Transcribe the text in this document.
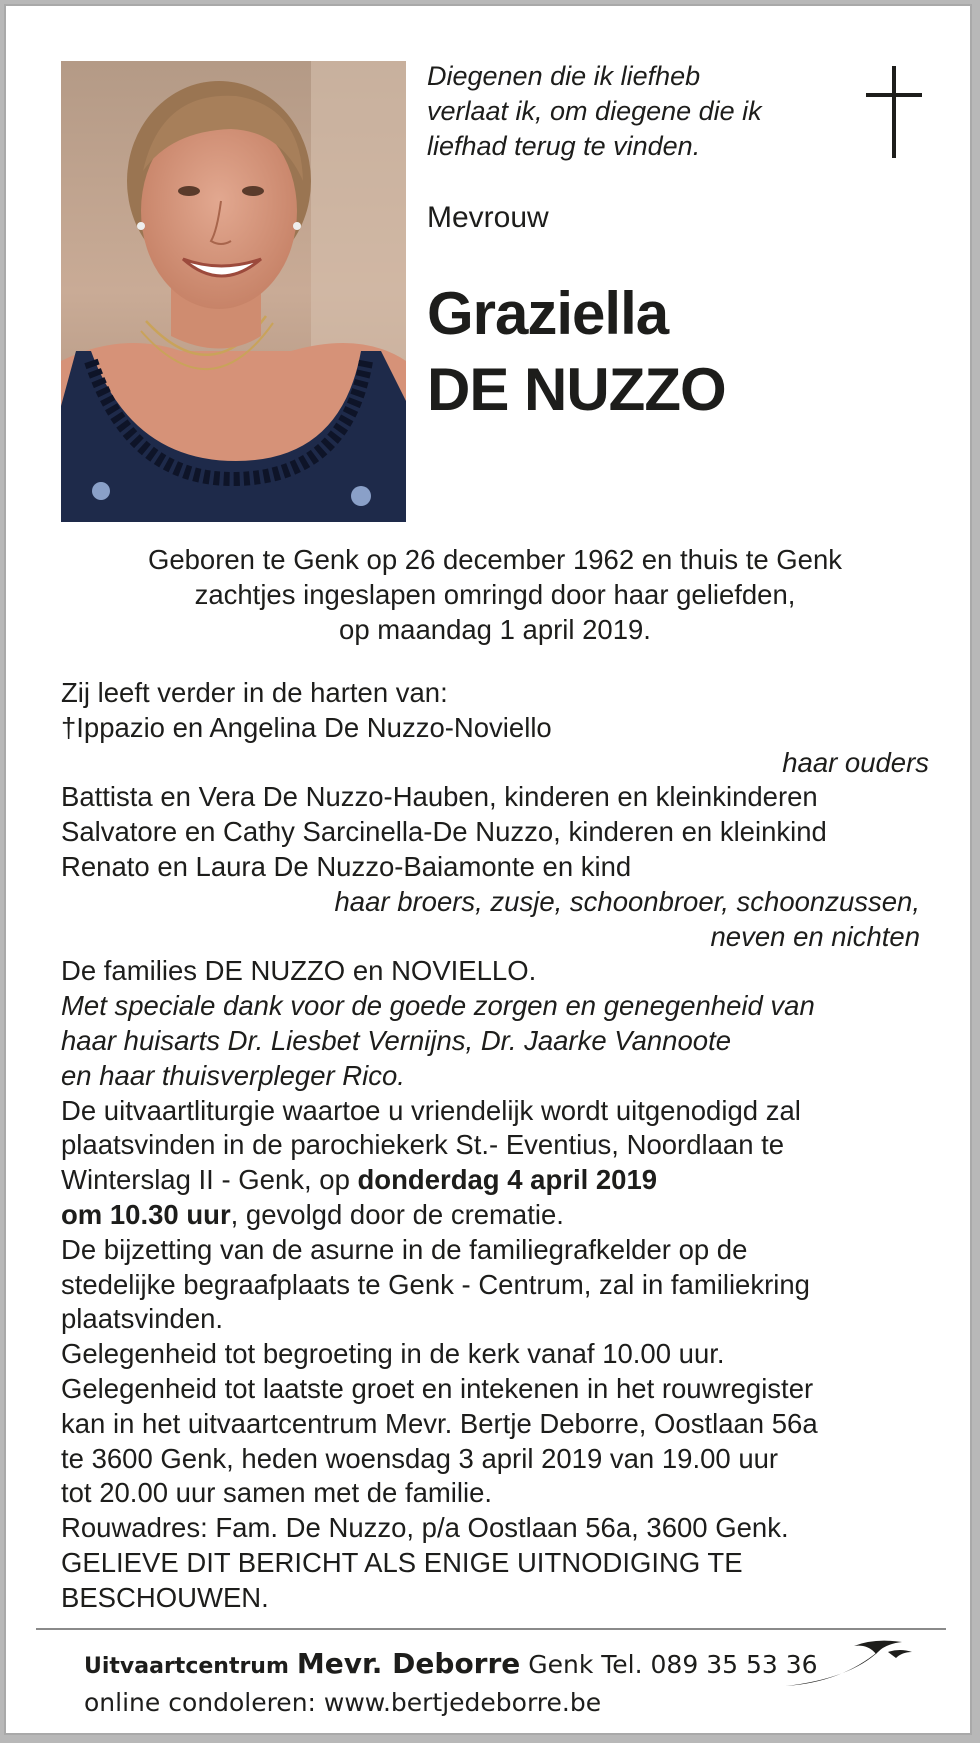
Diegenen die ik liefheb
verlaat ik, om diegene die ik
liefhad terug te vinden.

Mevrouw

Graziella
DE NUZZO

Geboren te Genk op 26 december 1962 en thuis te Genk
zachtjes ingeslapen omringd door haar geliefden,
op maandag 1 april 2019.

Zij leeft verder in de harten van:
†Ippazio en Angelina De Nuzzo-Noviello
haar ouders
Battista en Vera De Nuzzo-Hauben, kinderen en kleinkinderen
Salvatore en Cathy Sarcinella-De Nuzzo, kinderen en kleinkind
Renato en Laura De Nuzzo-Baiamonte en kind
haar broers, zusje, schoonbroer, schoonzussen,
neven en nichten
De families DE NUZZO en NOVIELLO.
Met speciale dank voor de goede zorgen en genegenheid van
haar huisarts Dr. Liesbet Vernijns, Dr. Jaarke Vannoote
en haar thuisverpleger Rico.
De uitvaartliturgie waartoe u vriendelijk wordt uitgenodigd zal
plaatsvinden in de parochiekerk St.- Eventius, Noordlaan te
Winterslag II - Genk, op donderdag 4 april 2019
om 10.30 uur, gevolgd door de crematie.
De bijzetting van de asurne in de familiegrafkelder op de
stedelijke begraafplaats te Genk - Centrum, zal in familiekring
plaatsvinden.
Gelegenheid tot begroeting in de kerk vanaf 10.00 uur.
Gelegenheid tot laatste groet en intekenen in het rouwregister
kan in het uitvaartcentrum Mevr. Bertje Deborre, Oostlaan 56a
te 3600 Genk, heden woensdag 3 april 2019 van 19.00 uur
tot 20.00 uur samen met de familie.
Rouwadres: Fam. De Nuzzo, p/a Oostlaan 56a, 3600 Genk.
GELIEVE DIT BERICHT ALS ENIGE UITNODIGING TE
BESCHOUWEN.
Uitvaartcentrum Mevr. Deborre Genk Tel. 089 35 53 36
online condoleren: www.bertjedeborre.be
